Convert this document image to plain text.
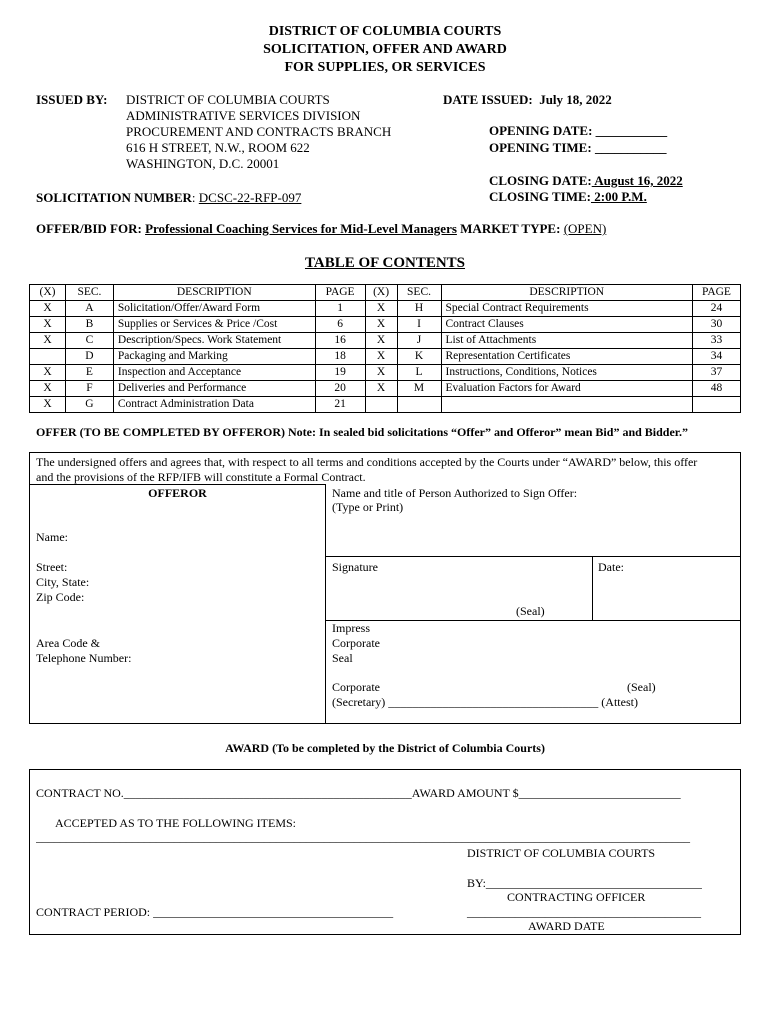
DISTRICT OF COLUMBIA COURTS
SOLICITATION, OFFER AND AWARD
FOR SUPPLIES, OR SERVICES
ISSUED BY: DISTRICT OF COLUMBIA COURTS
ADMINISTRATIVE SERVICES DIVISION
PROCUREMENT AND CONTRACTS BRANCH
616 H STREET, N.W., ROOM 622
WASHINGTON, D.C. 20001
DATE ISSUED: July 18, 2022
OPENING DATE: ___________
OPENING TIME: ___________
CLOSING DATE: August 16, 2022
CLOSING TIME: 2:00 P.M.
SOLICITATION NUMBER: DCSC-22-RFP-097
OFFER/BID FOR: Professional Coaching Services for Mid-Level Managers MARKET TYPE: (OPEN)
TABLE OF CONTENTS
(X)	SEC.	DESCRIPTION	PAGE	(X)	SEC.	DESCRIPTION	PAGE
X	A	Solicitation/Offer/Award Form	1	X	H	Special Contract Requirements	24
X	B	Supplies or Services & Price /Cost	6	X	I	Contract Clauses	30
X	C	Description/Specs. Work Statement	16	X	J	List of Attachments	33
	D	Packaging and Marking	18	X	K	Representation Certificates	34
X	E	Inspection and Acceptance	19	X	L	Instructions, Conditions, Notices	37
X	F	Deliveries and Performance	20	X	M	Evaluation Factors for Award	48
X	G	Contract Administration Data	21				
OFFER (TO BE COMPLETED BY OFFEROR) Note: In sealed bid solicitations “Offer” and Offeror” mean Bid” and Bidder.”
The undersigned offers and agrees that, with respect to all terms and conditions accepted by the Courts under “AWARD” below, this offer
and the provisions of the RFP/IFB will constitute a Formal Contract.
OFFEROR
Name:
Street:
City, State:
Zip Code:
Area Code &
Telephone Number:
Name and title of Person Authorized to Sign Offer:
(Type or Print)
Signature	Date:
(Seal)
Impress
Corporate
Seal
Corporate	(Seal)
(Secretary) ___________________________________ (Attest)
AWARD (To be completed by the District of Columbia Courts)
CONTRACT NO.________________________________________________AWARD AMOUNT $___________________________
ACCEPTED AS TO THE FOLLOWING ITEMS:
_____________________________________________________________________________________________________________
DISTRICT OF COLUMBIA COURTS
BY:____________________________________
CONTRACTING OFFICER
CONTRACT PERIOD: ________________________________________	_______________________________________
AWARD DATE
